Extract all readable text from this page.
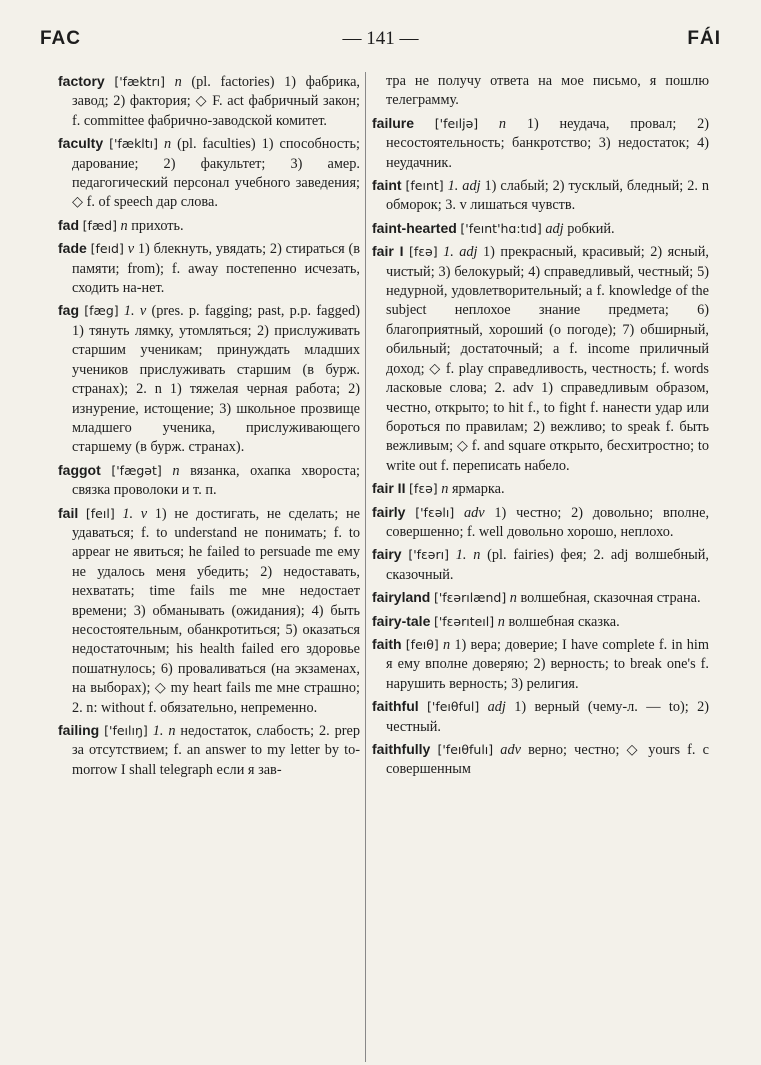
— 141 —
FAC	FÁI

factory ['fæktrı] n (pl. factories) 1) фабрика, завод; 2) фактория; ◇ F. act фабричный закон; f. committee фабрично-заводской комитет.

faculty ['fækltı] n (pl. faculties) 1) способность; дарование; 2) факультет; 3) амер. педагогический персонал учебного заведения; ◇ f. of speech дар слова.

fad [fæd] n прихоть.

fade [feıd] v 1) блекнуть, увядать; 2) стираться (в памяти; from); f. away постепенно исчезать, сходить на-нет.

fag [fæg] 1. v (pres. p. fagging; past, p.p. fagged) 1) тянуть лямку, утомляться; 2) прислуживать старшим ученикам; принуждать младших учеников прислуживать старшим (в бурж. странах); 2. n 1) тяжелая черная работа; 2) изнурение, истощение; 3) школьное прозвище младшего ученика, прислуживающего старшему (в бурж. странах).

faggot ['fægət] n вязанка, охапка хвороста; связка проволоки и т. п.

fail [feıl] 1. v 1) не достигать, не сделать; не удаваться; f. to understand не понимать; f. to appear не явиться; he failed to persuade me ему не удалось меня убедить; 2) недоставать, нехватать; time fails me мне недостает времени; 3) обманывать (ожидания); 4) быть несостоятельным, обанкротиться; 5) оказаться недостаточным; his health failed его здоровье пошатнулось; 6) проваливаться (на экзаменах, на выборах); ◇ my heart fails me мне страшно; 2. n: without f. обязательно, непременно.

failing ['feılıŋ] 1. n недостаток, слабость; 2. prep за отсутствием; f. an answer to my letter by to-morrow I shall telegraph если я зав-

тра не получу ответа на мое письмо, я пошлю телеграмму.

failure ['feıljə] n 1) неудача, провал; 2) несостоятельность; банкротство; 3) недостаток; 4) неудачник.

faint [feınt] 1. adj 1) слабый; 2) тусклый, бледный; 2. n обморок; 3. v лишаться чувств.

faint-hearted ['feınt'hɑ:tıd] adj робкий.

fair I [fɛə] 1. adj 1) прекрасный, красивый; 2) ясный, чистый; 3) белокурый; 4) справедливый, честный; 5) недурной, удовлетворительный; a f. knowledge of the subject неплохое знание предмета; 6) благоприятный, хороший (о погоде); 7) обширный, обильный; достаточный; a f. income приличный доход; ◇ f. play справедливость, честность; f. words ласковые слова; 2. adv 1) справедливым образом, честно, открыто; to hit f., to fight f. нанести удар или бороться по правилам; 2) вежливо; to speak f. быть вежливым; ◇ f. and square открыто, бесхитростно; to write out f. переписать набело.

fair II [fɛə] n ярмарка.

fairly ['fɛəlı] adv 1) честно; 2) довольно; вполне, совершенно; f. well довольно хорошо, неплохо.

fairy ['fɛərı] 1. n (pl. fairies) фея; 2. adj волшебный, сказочный.

fairyland ['fɛərılænd] n волшебная, сказочная страна.

fairy-tale ['fɛərıteıl] n волшебная сказка.

faith [feıθ] n 1) вера; доверие; I have complete f. in him я ему вполне доверяю; 2) верность; to break one's f. нарушить верность; 3) религия.

faithful ['feıθful] adj 1) верный (чему-л. — to); 2) честный.

faithfully ['feıθfulı] adv верно; честно; ◇ yours f. с совершенным
